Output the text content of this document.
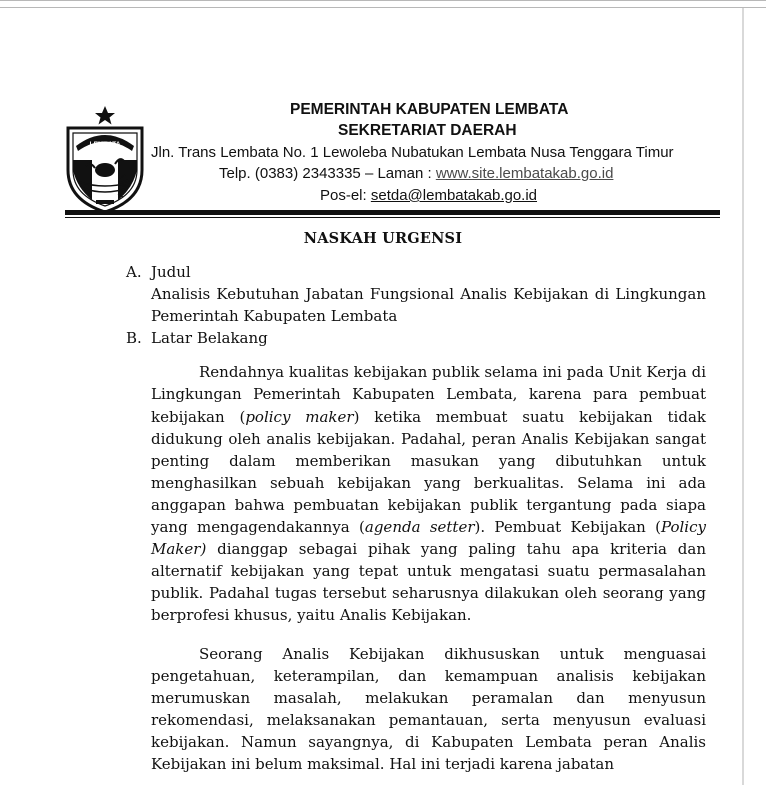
LEMBATA
PEMERINTAH KABUPATEN LEMBATA
SEKRETARIAT DAERAH
Jln. Trans Lembata No. 1 Lewoleba Nubatukan Lembata Nusa Tenggara Timur
Telp. (0383) 2343335 – Laman : www.site.lembatakab.go.id
Pos-el: setda@lembatakab.go.id
NASKAH URGENSI
A. Judul
Analisis Kebutuhan Jabatan Fungsional Analis Kebijakan di Lingkungan Pemerintah Kabupaten Lembata
B. Latar Belakang

Rendahnya kualitas kebijakan publik selama ini pada Unit Kerja di Lingkungan Pemerintah Kabupaten Lembata, karena para pembuat kebijakan (policy maker) ketika membuat suatu kebijakan tidak didukung oleh analis kebijakan. Padahal, peran Analis Kebijakan sangat penting dalam memberikan masukan yang dibutuhkan untuk menghasilkan sebuah kebijakan yang berkualitas. Selama ini ada anggapan bahwa pembuatan kebijakan publik tergantung pada siapa yang mengagendakannya (agenda setter). Pembuat Kebijakan (Policy Maker) dianggap sebagai pihak yang paling tahu apa kriteria dan alternatif kebijakan yang tepat untuk mengatasi suatu permasalahan publik. Padahal tugas tersebut seharusnya dilakukan oleh seorang yang berprofesi khusus, yaitu Analis Kebijakan.

Seorang Analis Kebijakan dikhususkan untuk menguasai pengetahuan, keterampilan, dan kemampuan analisis kebijakan merumuskan masalah, melakukan peramalan dan menyusun rekomendasi, melaksanakan pemantauan, serta menyusun evaluasi kebijakan. Namun sayangnya, di Kabupaten Lembata peran Analis Kebijakan ini belum maksimal. Hal ini terjadi karena jabatan
